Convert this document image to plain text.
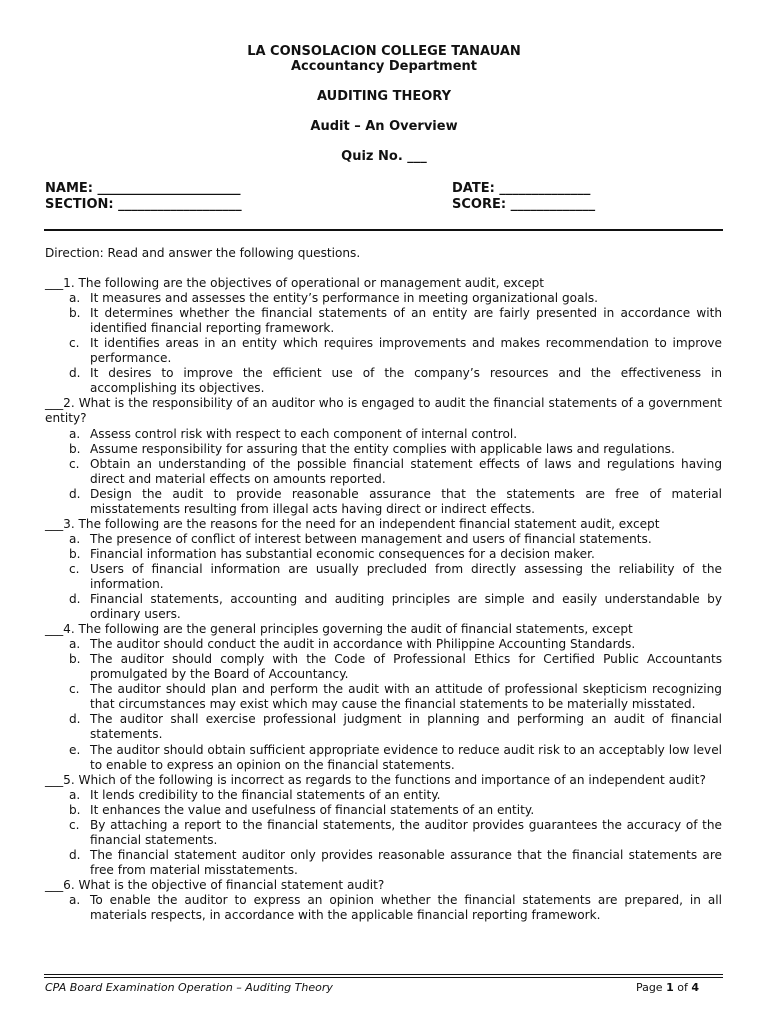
LA CONSOLACION COLLEGE TANAUAN
Accountancy Department
AUDITING THEORY
Audit – An Overview
Quiz No. ___
NAME: ______________________
SECTION: ___________________
DATE: ______________
SCORE: _____________
Direction: Read and answer the following questions.
___1. The following are the objectives of operational or management audit, except
a. It measures and assesses the entity’s performance in meeting organizational goals.
b. It determines whether the financial statements of an entity are fairly presented in accordance with identified financial reporting framework.
c. It identifies areas in an entity which requires improvements and makes recommendation to improve performance.
d. It desires to improve the efficient use of the company’s resources and the effectiveness in accomplishing its objectives.
___2. What is the responsibility of an auditor who is engaged to audit the financial statements of a government entity?
a. Assess control risk with respect to each component of internal control.
b. Assume responsibility for assuring that the entity complies with applicable laws and regulations.
c. Obtain an understanding of the possible financial statement effects of laws and regulations having direct and material effects on amounts reported.
d. Design the audit to provide reasonable assurance that the statements are free of material misstatements resulting from illegal acts having direct or indirect effects.
___3. The following are the reasons for the need for an independent financial statement audit, except
a. The presence of conflict of interest between management and users of financial statements.
b. Financial information has substantial economic consequences for a decision maker.
c. Users of financial information are usually precluded from directly assessing the reliability of the information.
d. Financial statements, accounting and auditing principles are simple and easily understandable by ordinary users.
___4. The following are the general principles governing the audit of financial statements, except
a. The auditor should conduct the audit in accordance with Philippine Accounting Standards.
b. The auditor should comply with the Code of Professional Ethics for Certified Public Accountants promulgated by the Board of Accountancy.
c. The auditor should plan and perform the audit with an attitude of professional skepticism recognizing that circumstances may exist which may cause the financial statements to be materially misstated.
d. The auditor shall exercise professional judgment in planning and performing an audit of financial statements.
e. The auditor should obtain sufficient appropriate evidence to reduce audit risk to an acceptably low level to enable to express an opinion on the financial statements.
___5. Which of the following is incorrect as regards to the functions and importance of an independent audit?
a. It lends credibility to the financial statements of an entity.
b. It enhances the value and usefulness of financial statements of an entity.
c. By attaching a report to the financial statements, the auditor provides guarantees the accuracy of the financial statements.
d. The financial statement auditor only provides reasonable assurance that the financial statements are free from material misstatements.
___6. What is the objective of financial statement audit?
a. To enable the auditor to express an opinion whether the financial statements are prepared, in all materials respects, in accordance with the applicable financial reporting framework.
CPA Board Examination Operation – Auditing Theory	Page 1 of 4
